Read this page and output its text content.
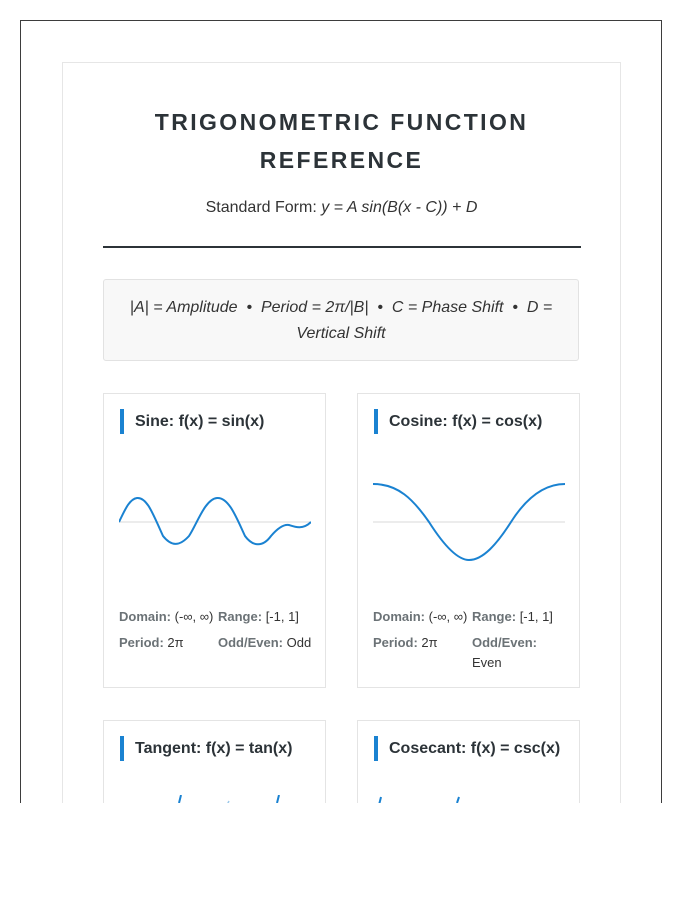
TRIGONOMETRIC FUNCTION
REFERENCE
Standard Form: y = A sin(B(x - C)) + D
|A| = Amplitude  •  Period = 2π/|B|  •  C = Phase Shift  •  D =
Vertical Shift
Sine: f(x) = sin(x)
Domain: (-∞, ∞) Range: [-1, 1]
Period: 2π	Odd/Even: Odd
Cosine: f(x) = cos(x)
Domain: (-∞, ∞) Range: [-1, 1]
Period: 2π	Odd/Even: Even
Tangent: f(x) = tan(x)	Cosecant: f(x) = csc(x)
